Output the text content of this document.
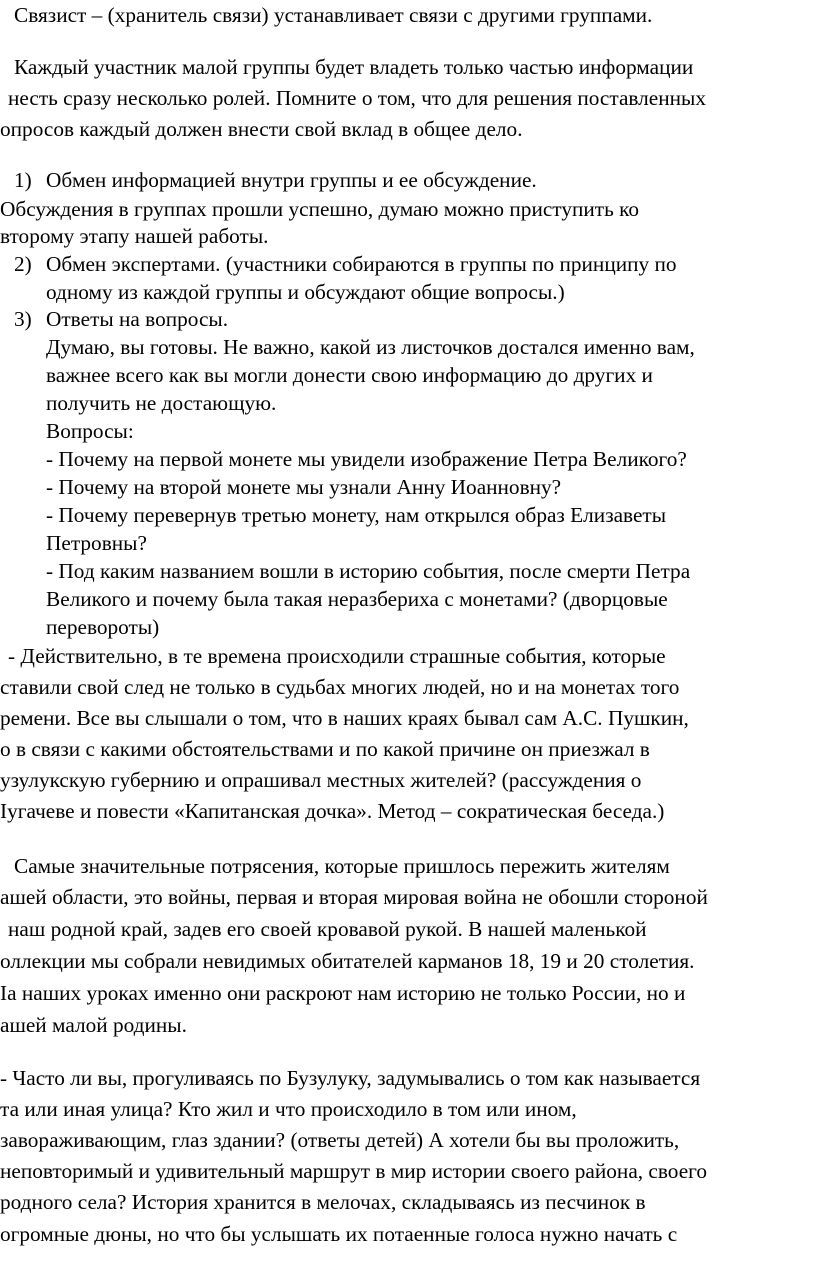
Связист – (хранитель связи) устанавливает связи с другими группами.
Каждый участник малой группы будет владеть только частью информации
несть сразу несколько ролей. Помните о том, что для решения поставленных
опросов каждый должен внести свой вклад в общее дело.
1) Обмен информацией внутри группы и ее обсуждение.
Обсуждения в группах прошли успешно, думаю можно приступить ко
второму этапу нашей работы.
2) Обмен экспертами. (участники собираются в группы по принципу по
одному из каждой группы и обсуждают общие вопросы.)
3) Ответы на вопросы.
Думаю, вы готовы. Не важно, какой из листочков достался именно вам,
важнее всего как вы могли донести свою информацию до других и
получить не достающую.
Вопросы:
- Почему на первой монете мы увидели изображение Петра Великого?
- Почему на второй монете мы узнали Анну Иоанновну?
- Почему перевернув третью монету, нам открылся образ Елизаветы
Петровны?
- Под каким названием вошли в историю события, после смерти Петра
Великого и почему была такая неразбериха с монетами? (дворцовые
перевороты)
- Действительно, в те времена происходили страшные события, которые
ставили свой след не только в судьбах многих людей, но и на монетах того
ремени. Все вы слышали о том, что в наших краях бывал сам А.С. Пушкин,
о в связи с какими обстоятельствами и по какой причине он приезжал в
узулукскую губернию и опрашивал местных жителей? (рассуждения о
Іугачеве и повести «Капитанская дочка». Метод – сократическая беседа.)
Самые значительные потрясения, которые пришлось пережить жителям
ашей области, это войны, первая и вторая мировая война не обошли стороной
наш родной край, задев его своей кровавой рукой. В нашей маленькой
оллекции мы собрали невидимых обитателей карманов 18, 19 и 20 столетия.
Іа наших уроках именно они раскроют нам историю не только России, но и
ашей малой родины.
- Часто ли вы, прогуливаясь по Бузулуку, задумывались о том как называется
та или иная улица? Кто жил и что происходило в том или ином,
завораживающим, глаз здании? (ответы детей) А хотели бы вы проложить,
неповторимый и удивительный маршрут в мир истории своего района, своего
родного села? История хранится в мелочах, складываясь из песчинок в
огромные дюны, но что бы услышать их потаенные голоса нужно начать с
